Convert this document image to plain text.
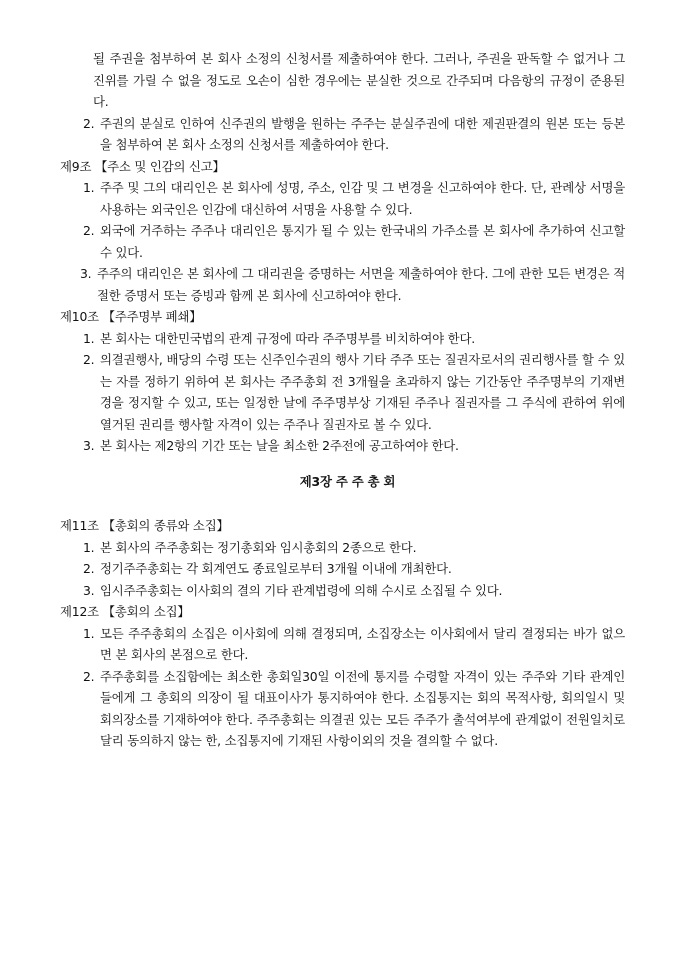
될 주권을 첨부하여 본 회사 소정의 신청서를 제출하여야 한다. 그러나, 주권을 판독할 수 없거나 그 진위를 가릴 수 없을 정도로 오손이 심한 경우에는 분실한 것으로 간주되며 다음항의 규정이 준용된다.
2. 주권의 분실로 인하여 신주권의 발행을 원하는 주주는 분실주권에 대한 제권판결의 원본 또는 등본을 첨부하여 본 회사 소정의 신청서를 제출하여야 한다.
제9조 【주소 및 인감의 신고】
1. 주주 및 그의 대리인은 본 회사에 성명, 주소, 인감 및 그 변경을 신고하여야 한다. 단, 관례상 서명을 사용하는 외국인은 인감에 대신하여 서명을 사용할 수 있다.
2. 외국에 거주하는 주주나 대리인은 통지가 될 수 있는 한국내의 가주소를 본 회사에 추가하여 신고할 수 있다.
3. 주주의 대리인은 본 회사에 그 대리권을 증명하는 서면을 제출하여야 한다. 그에 관한 모든 변경은 적절한 증명서 또는 증빙과 함께 본 회사에 신고하여야 한다.
제10조 【주주명부 폐쇄】
1. 본 회사는 대한민국법의 관계 규정에 따라 주주명부를 비치하여야 한다.
2. 의결권행사, 배당의 수령 또는 신주인수권의 행사 기타 주주 또는 질권자로서의 권리행사를 할 수 있는 자를 정하기 위하여 본 회사는 주주총회 전 3개월을 초과하지 않는 기간동안 주주명부의 기재변경을 정지할 수 있고, 또는 일정한 날에 주주명부상 기재된 주주나 질권자를 그 주식에 관하여 위에 열거된 권리를 행사할 자격이 있는 주주나 질권자로 볼 수 있다.
3. 본 회사는 제2항의 기간 또는 날을 최소한 2주전에 공고하여야 한다.
제3장 주 주 총 회
제11조 【총회의 종류와 소집】
1. 본 회사의 주주총회는 정기총회와 임시총회의 2종으로 한다.
2. 정기주주총회는 각 회계연도 종료일로부터 3개월 이내에 개최한다.
3. 임시주주총회는 이사회의 결의 기타 관계법령에 의해 수시로 소집될 수 있다.
제12조 【총회의 소집】
1. 모든 주주총회의 소집은 이사회에 의해 결정되며, 소집장소는 이사회에서 달리 결정되는 바가 없으면 본 회사의 본점으로 한다.
2. 주주총회를 소집함에는 최소한 총회일30일 이전에 통지를 수령할 자격이 있는 주주와 기타 관계인들에게 그 총회의 의장이 될 대표이사가 통지하여야 한다. 소집통지는 회의 목적사항, 회의일시 및 회의장소를 기재하여야 한다. 주주총회는 의결권 있는 모든 주주가 출석여부에 관계없이 전원일치로 달리 동의하지 않는 한, 소집통지에 기재된 사항이외의 것을 결의할 수 없다.
